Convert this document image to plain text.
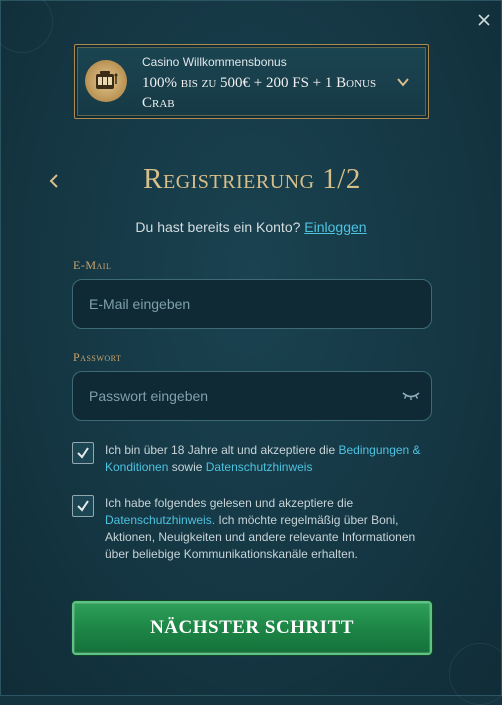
Casino Willkommensbonus
100% bis zu 500€ + 200 FS + 1 Bonus Crab
Registrierung 1/2
Du hast bereits ein Konto? Einloggen
E-Mail
E-Mail eingeben
Passwort
Ich bin über 18 Jahre alt und akzeptiere die Bedingungen & Konditionen sowie Datenschutzhinweis
Ich habe folgendes gelesen und akzeptiere die Datenschutzhinweis. Ich möchte regelmäßig über Boni, Aktionen, Neuigkeiten und andere relevante Informationen über beliebige Kommunikationskanäle erhalten.
NÄCHSTER SCHRITT
